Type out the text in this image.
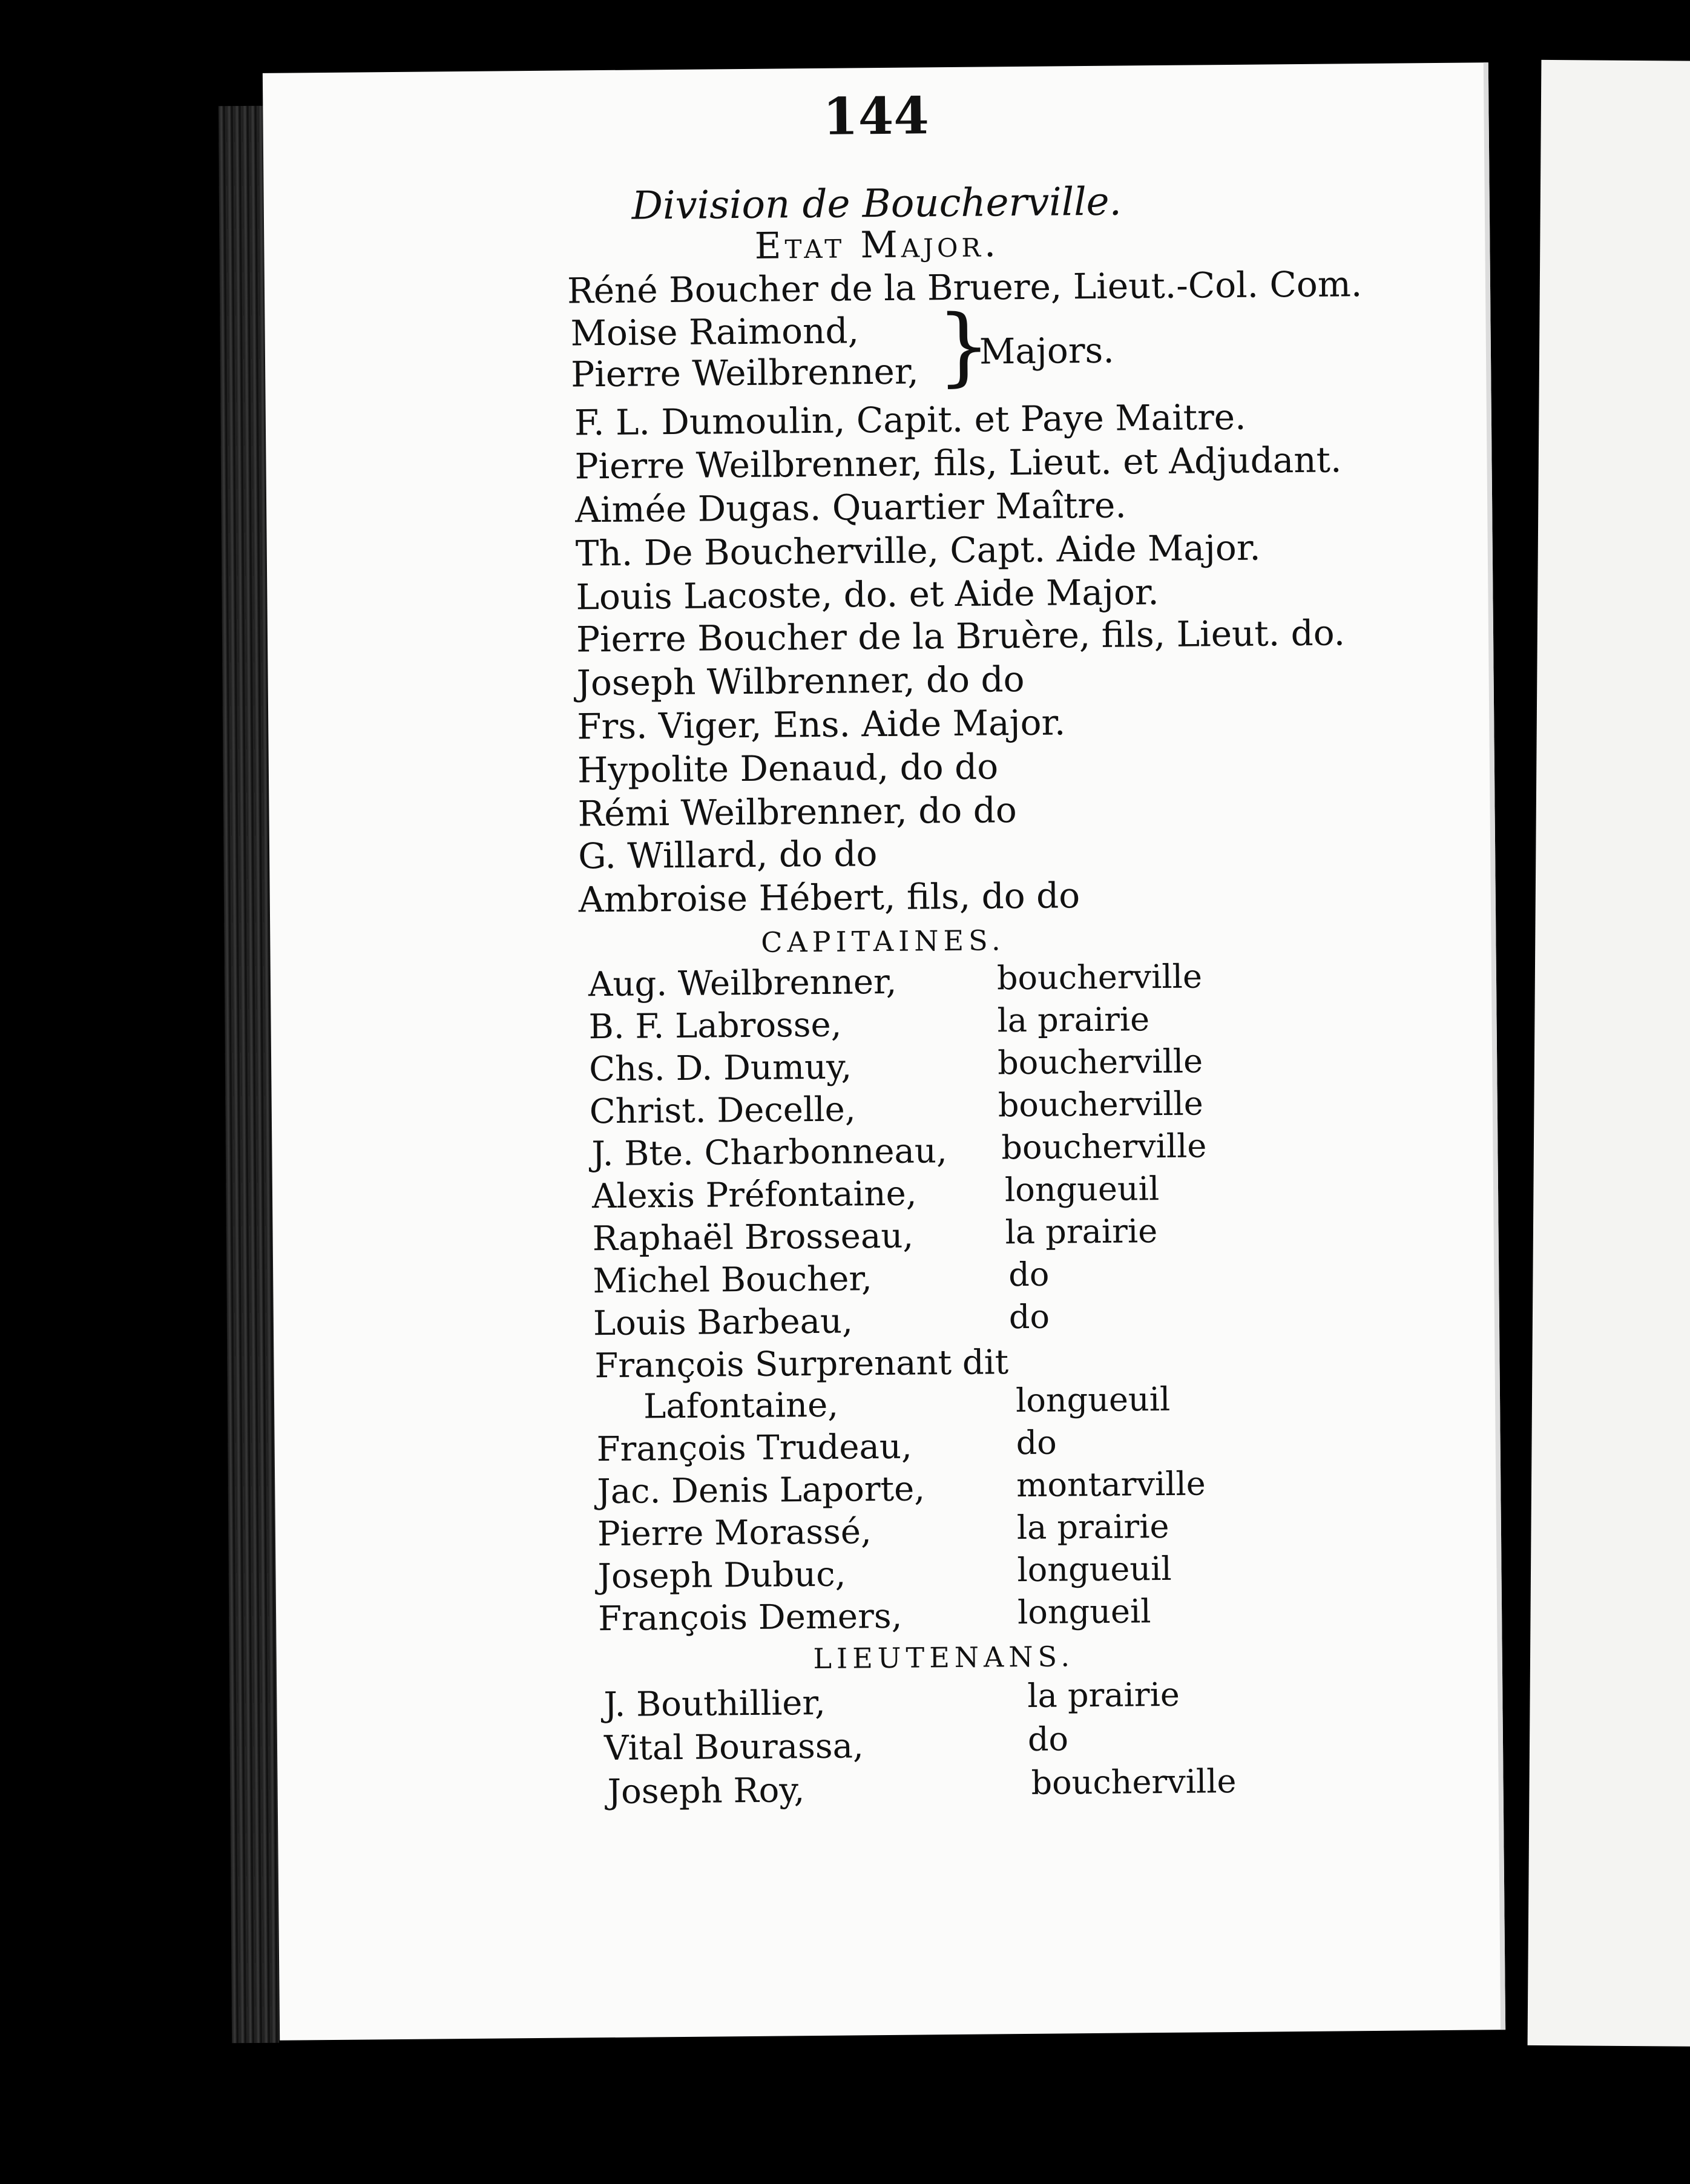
144
Division de Boucherville.
Etat Major.
Réné Boucher de la Bruere, Lieut.-Col. Com.
Moise Raimond,
Pierre Weilbrenner, }
Majors.
F. L. Dumoulin, Capit. et Paye Maitre.
Pierre Weilbrenner, fils, Lieut. et Adjudant.
Aimée Dugas. Quartier Maître.
Th. De Boucherville, Capt. Aide Major.
Louis Lacoste, do. et Aide Major.
Pierre Boucher de la Bruère, fils, Lieut. do.
Joseph Wilbrenner, do do
Frs. Viger, Ens. Aide Major.
Hypolite Denaud, do do
Rémi Weilbrenner, do do
G. Willard, do do
Ambroise Hébert, fils, do do
CAPITAINES.
Aug. Weilbrenner,	boucherville
B. F. Labrosse,	la prairie
Chs. D. Dumuy,	boucherville
Christ. Decelle,	boucherville
J. Bte. Charbonneau, boucherville
Alexis Préfontaine,	longueuil
Raphaël Brosseau,	la prairie
Michel Boucher,	do
Louis Barbeau,	do
François Surprenant dit
Lafontaine,	longueuil
François Trudeau,	do
Jac. Denis Laporte,	montarville
Pierre Morassé,	la prairie
Joseph Dubuc,	longueuil
François Demers,	longueil
LIEUTENANS.
J. Bouthillier,	la prairie
Vital Bourassa,	do
Joseph Roy,	boucherville
